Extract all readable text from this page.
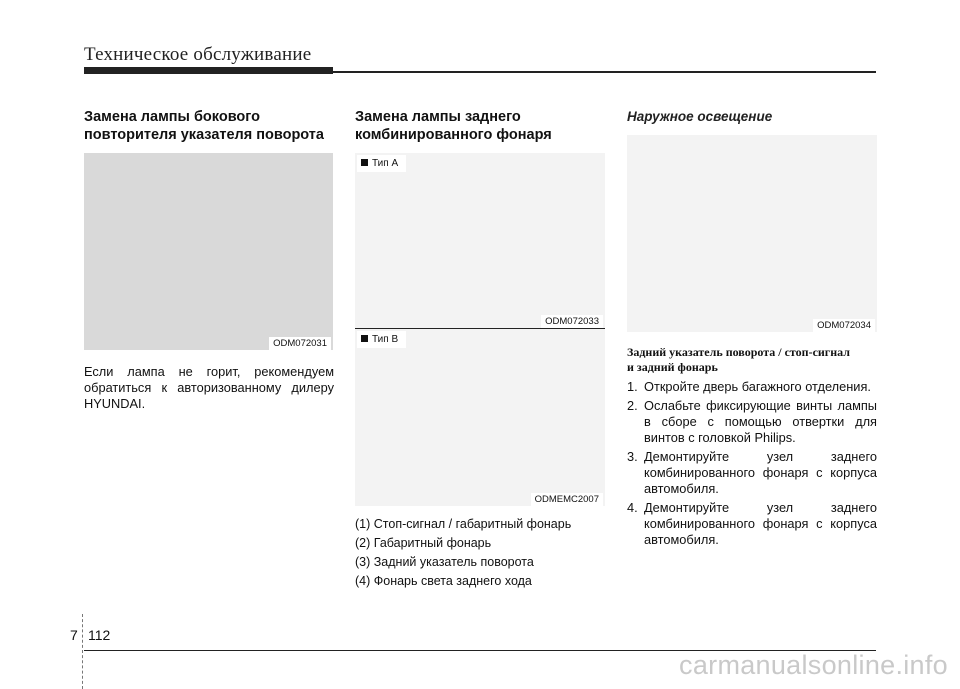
Техническое обслуживание
Замена лампы бокового
повторителя указателя поворота
ODM072031

Если лампа не горит, рекомендуем обратиться к авторизованному дилеру HYUNDAI.

Замена лампы заднего
комбинированного фонаря
Тип A
ODM072033
Тип B
ODMEMC2007
(1) Стоп-сигнал / габаритный фонарь
(2) Габаритный фонарь
(3) Задний указатель поворота
(4) Фонарь света заднего хода
Наружное освещение
ODM072034
Задний указатель поворота / стоп-сигнал
и задний фонарь
1. Откройте дверь багажного отделения.
2. Ослабьте фиксирующие винты лампы в сборе с помощью отвертки для винтов с головкой Philips.
3. Демонтируйте узел заднего комбинированного фонаря с корпуса автомобиля.
4. Демонтируйте узел заднего комбинированного фонаря с корпуса автомобиля.
7 112
carmanualsonline.info
